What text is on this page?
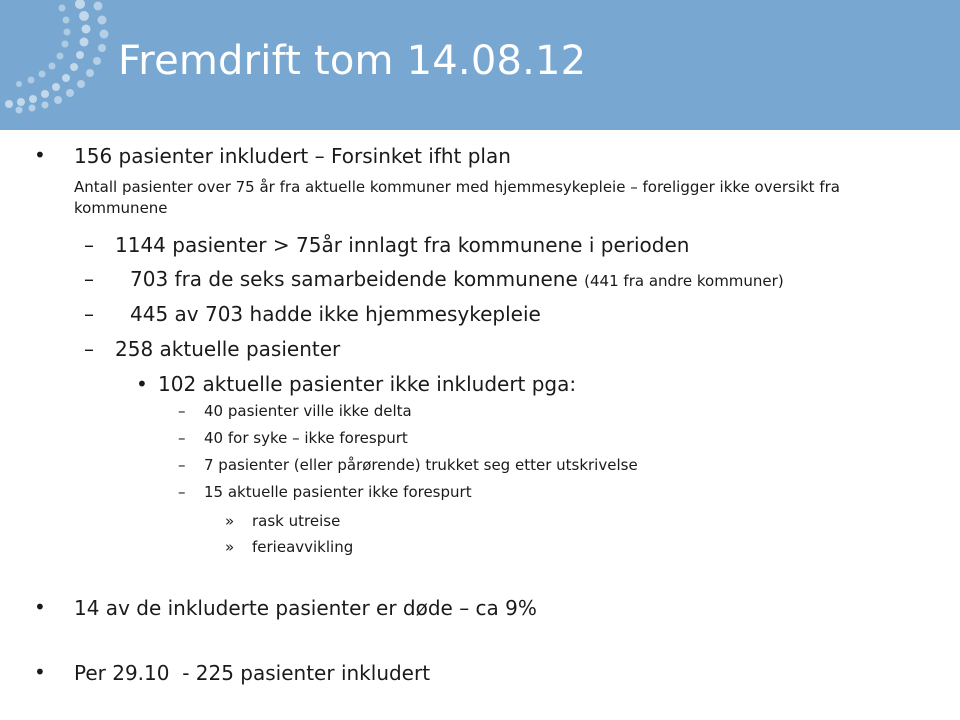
Fremdrift tom 14.08.12
• 156 pasienter inkludert – Forsinket ifht plan
Antall pasienter over 75 år fra aktuelle kommuner med hjemmesykepleie – foreligger ikke oversikt fra kommunene
– 1144 pasienter > 75år innlagt fra kommunene i perioden
– 703 fra de seks samarbeidende kommunene (441 fra andre kommuner)
– 445 av 703 hadde ikke hjemmesykepleie
– 258 aktuelle pasienter
• 102 aktuelle pasienter ikke inkludert pga:
– 40 pasienter ville ikke delta
– 40 for syke – ikke forespurt
– 7 pasienter (eller pårørende) trukket seg etter utskrivelse
– 15 aktuelle pasienter ikke forespurt
» rask utreise
» ferieavvikling
• 14 av de inkluderte pasienter er døde – ca 9%
• Per 29.10  - 225 pasienter inkludert
